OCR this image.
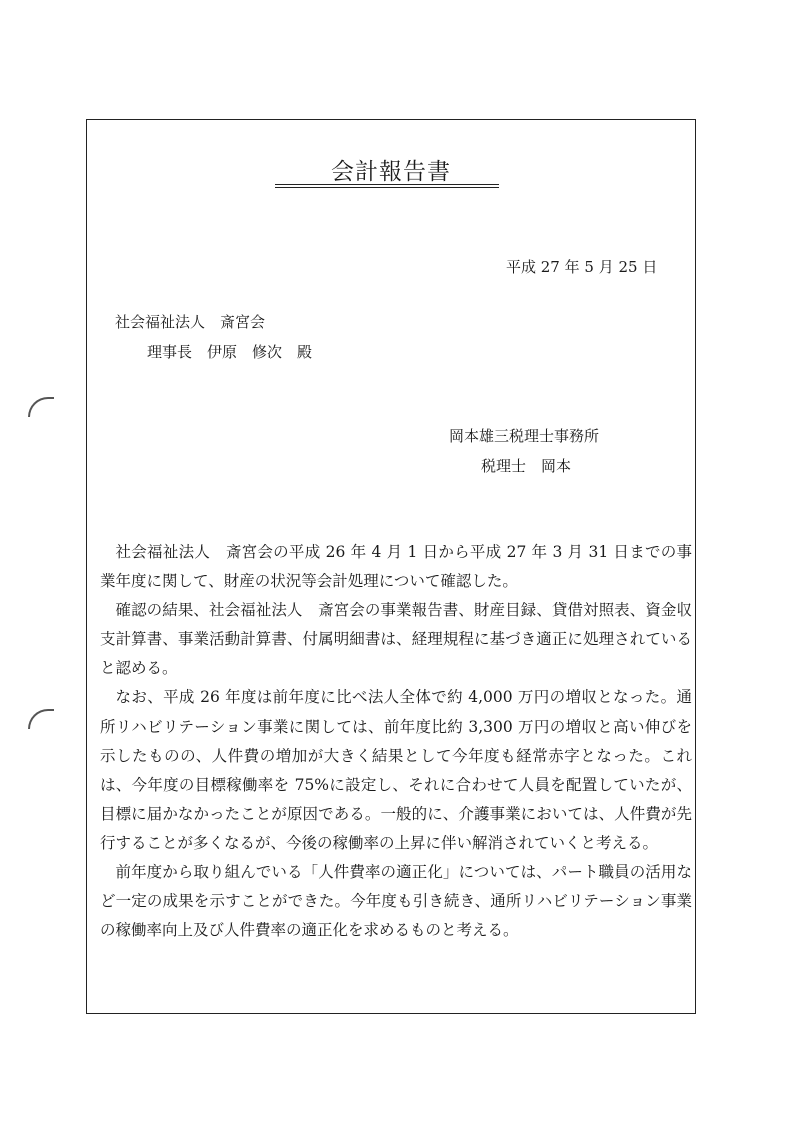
会計報告書
平成 27 年 5 月 25 日
社会福祉法人　斎宮会
理事長　伊原　修次　殿
岡本雄三税理士事務所
税理士　岡本

社会福祉法人　斎宮会の平成 26 年 4 月 1 日から平成 27 年 3 月 31 日までの事業年度に関して、財産の状況等会計処理について確認した。

確認の結果、社会福祉法人　斎宮会の事業報告書、財産目録、貸借対照表、資金収支計算書、事業活動計算書、付属明細書は、経理規程に基づき適正に処理されていると認める。

なお、平成 26 年度は前年度に比べ法人全体で約 4,000 万円の増収となった。通所リハビリテーション事業に関しては、前年度比約 3,300 万円の増収と高い伸びを示したものの、人件費の増加が大きく結果として今年度も経常赤字となった。これは、今年度の目標稼働率を 75%に設定し、それに合わせて人員を配置していたが、目標に届かなかったことが原因である。一般的に、介護事業においては、人件費が先行することが多くなるが、今後の稼働率の上昇に伴い解消されていくと考える。

前年度から取り組んでいる「人件費率の適正化」については、パート職員の活用など一定の成果を示すことができた。今年度も引き続き、通所リハビリテーション事業の稼働率向上及び人件費率の適正化を求めるものと考える。
